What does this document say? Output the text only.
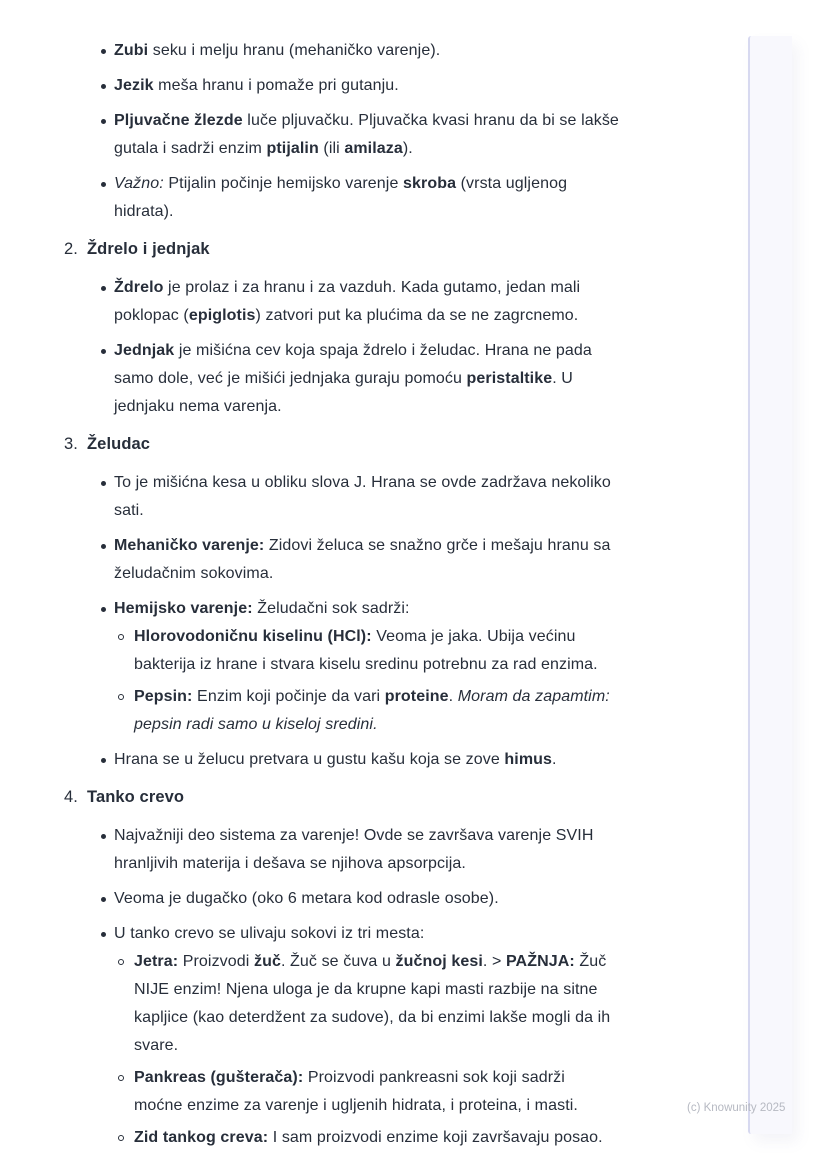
Zubi seku i melju hranu (mehaničko varenje).
Jezik meša hranu i pomaže pri gutanju.
Pljuvačne žlezde luče pljuvačku. Pljuvačka kvasi hranu da bi se lakše
gutala i sadrži enzim ptijalin (ili amilaza).
Važno: Ptijalin počinje hemijsko varenje skroba (vrsta ugljenog
hidrata).
2. Ždrelo i jednjak
Ždrelo je prolaz i za hranu i za vazduh. Kada gutamo, jedan mali
poklopac (epiglotis) zatvori put ka plućima da se ne zagrcnemo.
Jednjak je mišićna cev koja spaja ždrelo i želudac. Hrana ne pada
samo dole, već je mišići jednjaka guraju pomoću peristaltike. U
jednjaku nema varenja.
3. Želudac
To je mišićna kesa u obliku slova J. Hrana se ovde zadržava nekoliko
sati.
Mehaničko varenje: Zidovi želuca se snažno grče i mešaju hranu sa
želudačnim sokovima.
Hemijsko varenje: Želudačni sok sadrži:
Hlorovodoničnu kiselinu (HCl): Veoma je jaka. Ubija većinu
bakterija iz hrane i stvara kiselu sredinu potrebnu za rad enzima.
Pepsin: Enzim koji počinje da vari proteine. Moram da zapamtim:
pepsin radi samo u kiseloj sredini.
Hrana se u želucu pretvara u gustu kašu koja se zove himus.
4. Tanko crevo
Najvažniji deo sistema za varenje! Ovde se završava varenje SVIH
hranljivih materija i dešava se njihova apsorpcija.
Veoma je dugačko (oko 6 metara kod odrasle osobe).
U tanko crevo se ulivaju sokovi iz tri mesta:
Jetra: Proizvodi žuč. Žuč se čuva u žučnoj kesi. > PAŽNJA: Žuč
NIJE enzim! Njena uloga je da krupne kapi masti razbije na sitne
kapljice (kao deterdžent za sudove), da bi enzimi lakše mogli da ih
svare.
Pankreas (gušterača): Proizvodi pankreasni sok koji sadrži
moćne enzime za varenje i ugljenih hidrata, i proteina, i masti.
Zid tankog creva: I sam proizvodi enzime koji završavaju posao.
(c) Knowunity 2025
